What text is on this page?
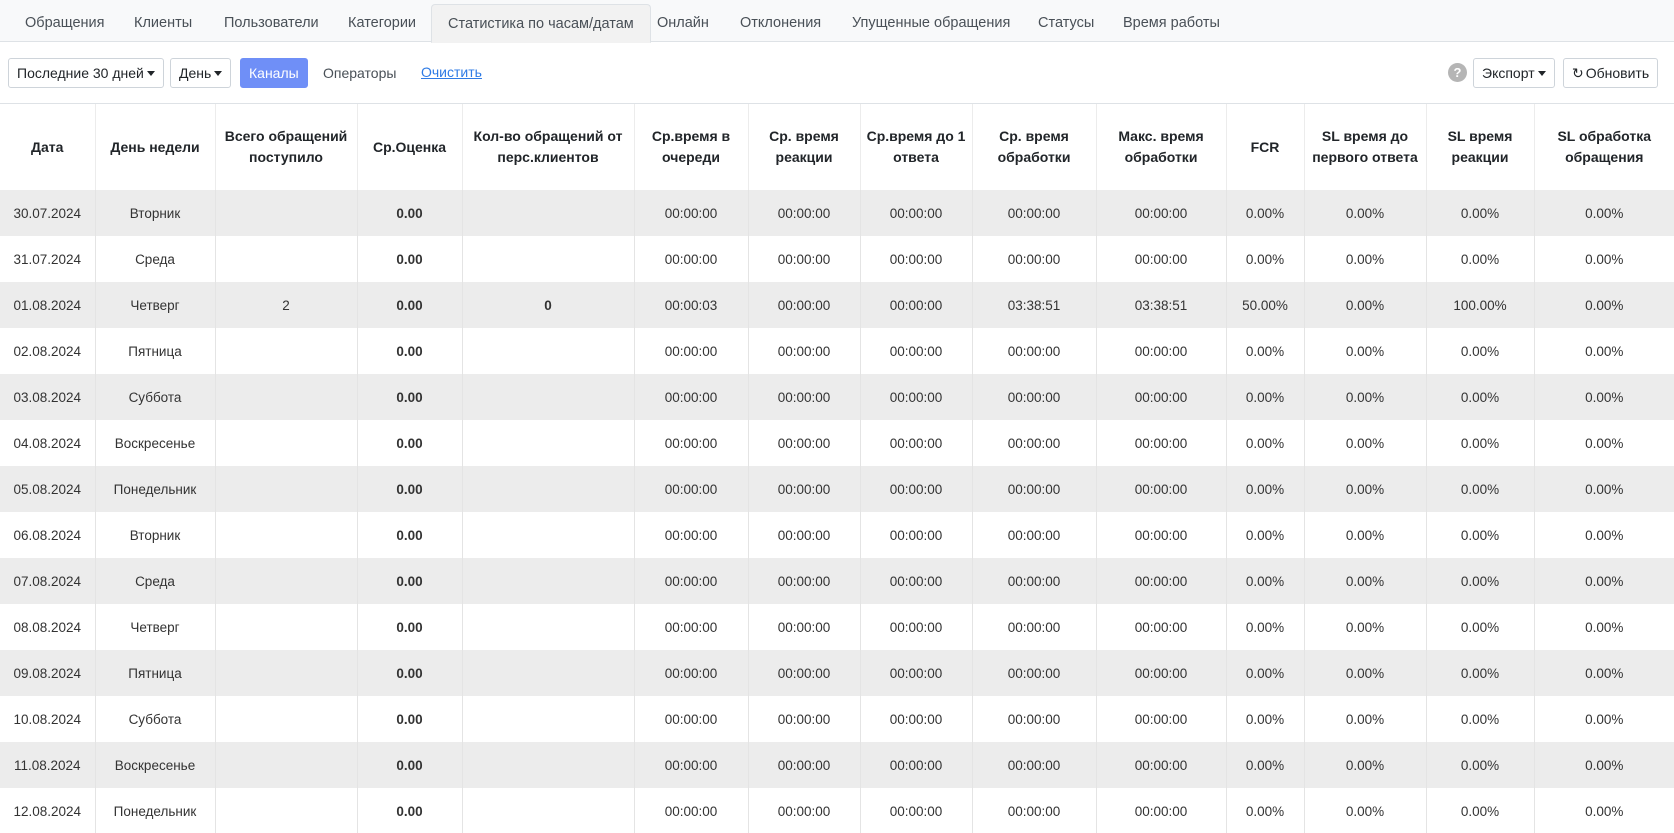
Обращения	Клиенты	Пользователи	Категории	Статистика по часам/датам	Онлайн	Отклонения	Упущенные обращения	Статусы	Время работы
Последние 30 дней	День	Каналы	Операторы	Очистить	?	Экспорт	↻ Обновить
Дата	День недели	Всего обращений поступило	Ср.Оценка	Кол-во обращений от перс.клиентов	Ср.время в очереди	Ср. время реакции	Ср.время до 1 ответа	Ср. время обработки	Макс. время обработки	FCR	SL время до первого ответа	SL время реакции	SL обработка обращения
30.07.2024	Вторник		0.00		00:00:00	00:00:00	00:00:00	00:00:00	00:00:00	0.00%	0.00%	0.00%	0.00%
31.07.2024	Среда		0.00		00:00:00	00:00:00	00:00:00	00:00:00	00:00:00	0.00%	0.00%	0.00%	0.00%
01.08.2024	Четверг	2	0.00	0	00:00:03	00:00:00	00:00:00	03:38:51	03:38:51	50.00%	0.00%	100.00%	0.00%
02.08.2024	Пятница		0.00		00:00:00	00:00:00	00:00:00	00:00:00	00:00:00	0.00%	0.00%	0.00%	0.00%
03.08.2024	Суббота		0.00		00:00:00	00:00:00	00:00:00	00:00:00	00:00:00	0.00%	0.00%	0.00%	0.00%
04.08.2024	Воскресенье		0.00		00:00:00	00:00:00	00:00:00	00:00:00	00:00:00	0.00%	0.00%	0.00%	0.00%
05.08.2024	Понедельник		0.00		00:00:00	00:00:00	00:00:00	00:00:00	00:00:00	0.00%	0.00%	0.00%	0.00%
06.08.2024	Вторник		0.00		00:00:00	00:00:00	00:00:00	00:00:00	00:00:00	0.00%	0.00%	0.00%	0.00%
07.08.2024	Среда		0.00		00:00:00	00:00:00	00:00:00	00:00:00	00:00:00	0.00%	0.00%	0.00%	0.00%
08.08.2024	Четверг		0.00		00:00:00	00:00:00	00:00:00	00:00:00	00:00:00	0.00%	0.00%	0.00%	0.00%
09.08.2024	Пятница		0.00		00:00:00	00:00:00	00:00:00	00:00:00	00:00:00	0.00%	0.00%	0.00%	0.00%
10.08.2024	Суббота		0.00		00:00:00	00:00:00	00:00:00	00:00:00	00:00:00	0.00%	0.00%	0.00%	0.00%
11.08.2024	Воскресенье		0.00		00:00:00	00:00:00	00:00:00	00:00:00	00:00:00	0.00%	0.00%	0.00%	0.00%
12.08.2024	Понедельник		0.00		00:00:00	00:00:00	00:00:00	00:00:00	00:00:00	0.00%	0.00%	0.00%	0.00%
